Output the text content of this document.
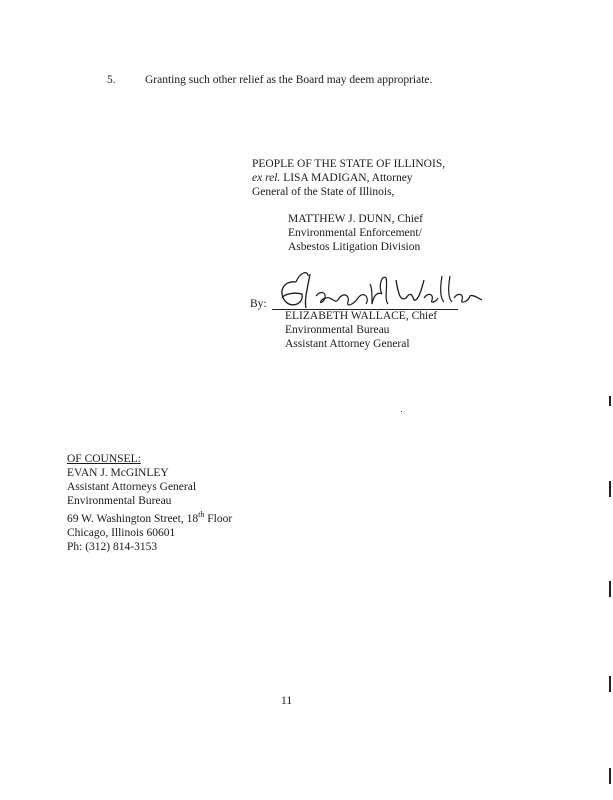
5.	Granting such other relief as the Board may deem appropriate.
PEOPLE OF THE STATE OF ILLINOIS,
ex rel. LISA MADIGAN, Attorney
General of the State of Illinois,
MATTHEW J. DUNN, Chief
Environmental Enforcement/
Asbestos Litigation Division
By:
ELIZABETH WALLACE, Chief
Environmental Bureau
Assistant Attorney General
OF COUNSEL:
EVAN J. McGINLEY
Assistant Attorneys General
Environmental Bureau
69 W. Washington Street, 18th Floor
Chicago, Illinois 60601
Ph: (312) 814-3153
11
